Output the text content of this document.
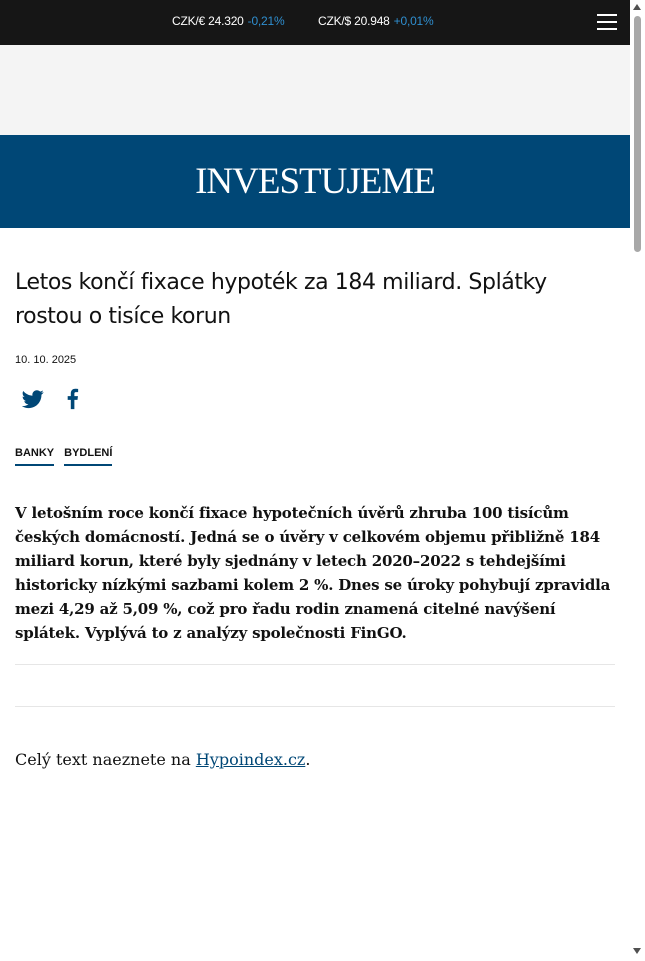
CZK/€ 24.320 -0,21%	CZK/$ 20.948 +0,01%
INVESTUJEME
Letos končí fixace hypoték za 184 miliard. Splátky rostou o tisíce korun
10. 10. 2025
BANKY BYDLENÍ

V letošním roce končí fixace hypotečních úvěrů zhruba 100 tisícům českých domácností. Jedná se o úvěry v celkovém objemu přibližně 184 miliard korun, které byly sjednány v letech 2020–2022 s tehdejšími historicky nízkými sazbami kolem 2 %. Dnes se úroky pohybují zpravidla mezi 4,29 až 5,09 %, což pro řadu rodin znamená citelné navýšení splátek. Vyplývá to z analýzy společnosti FinGO.

Celý text naeznete na Hypoindex.cz.
